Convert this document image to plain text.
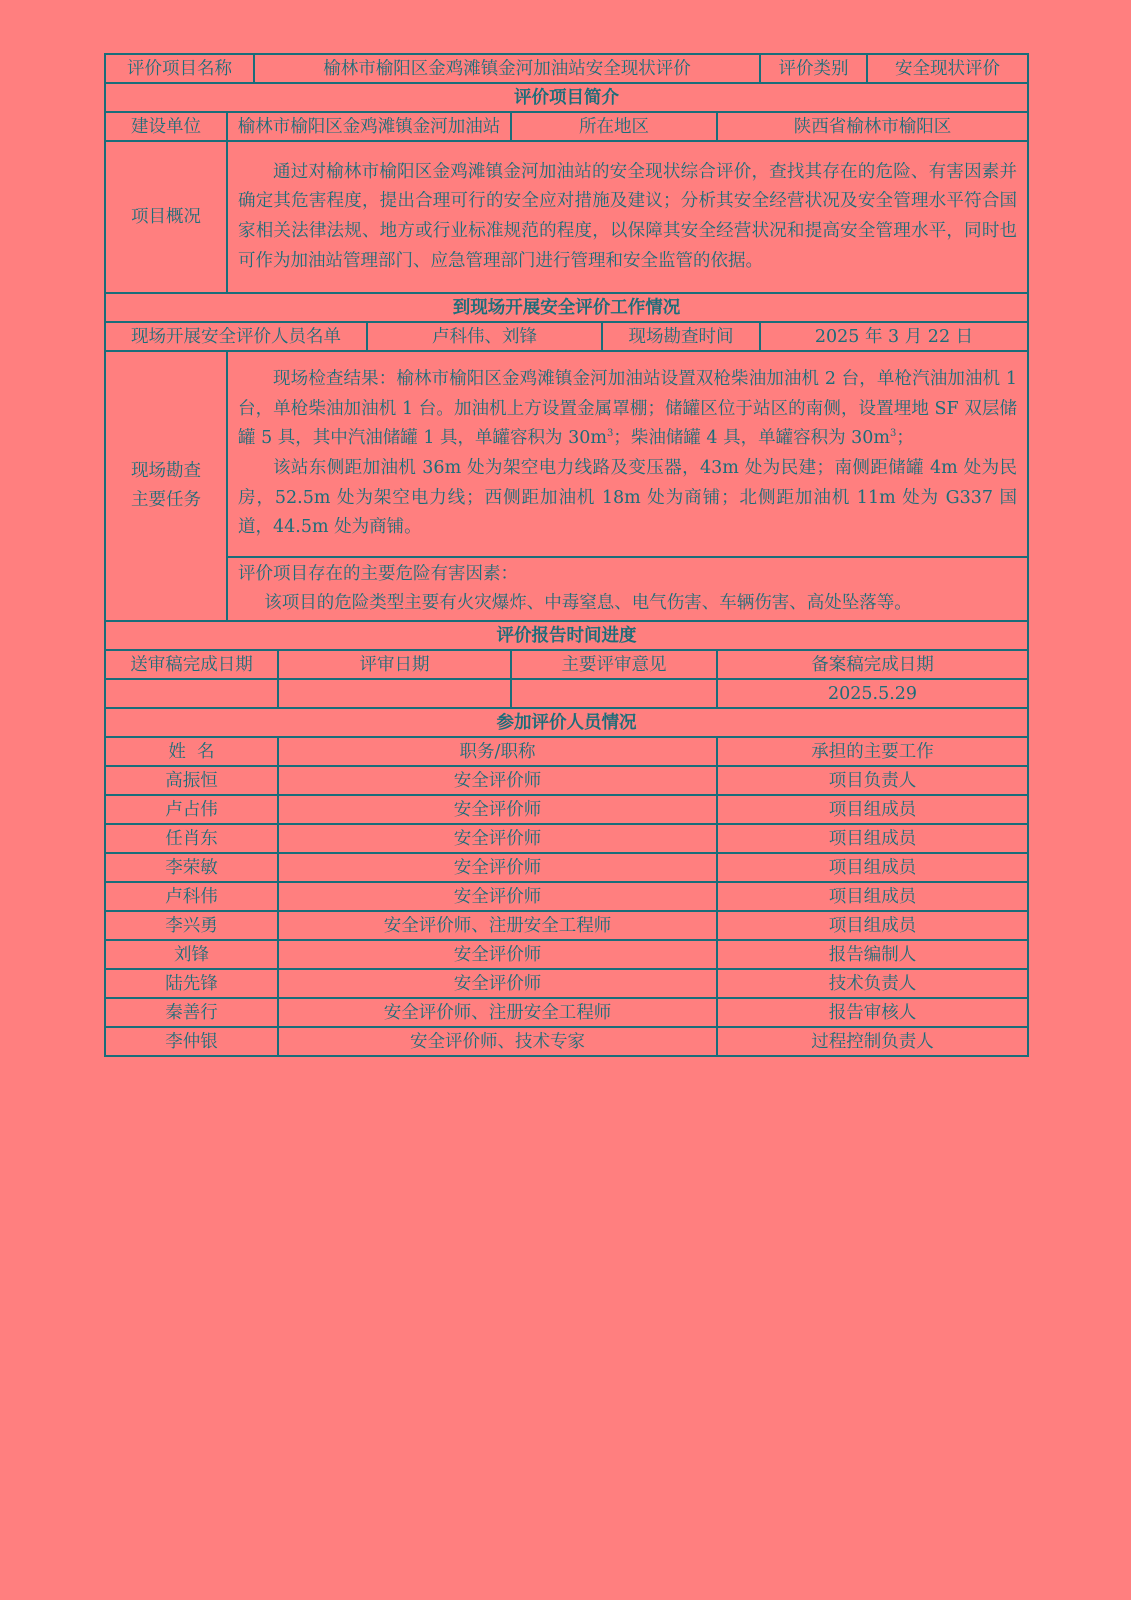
评价项目名称		榆林市榆阳区金鸡滩镇金河加油站安全现状评价						评价类别	安全现状评价
评价项目简介									
建设单位	榆林市榆阳区金鸡滩镇金河加油站				所在地区		陕西省榆林市榆阳区		
项目概况	通过对榆林市榆阳区金鸡滩镇金河加油站的安全现状综合评价，查找其存在的危险、有害因素并确定其危害程度，提出合理可行的安全应对措施及建议；分析其安全经营状况及安全管理水平符合国家相关法律法规、地方或行业标准规范的程度，以保障其安全经营状况和提高安全管理水平，同时也可作为加油站管理部门、应急管理部门进行管理和安全监管的依据。								

到现场开展安全评价工作情况									
现场开展安全评价人员名单				卢科伟、刘锋		现场勘查时间		2025 年 3 月 22 日	
现场勘查主要任务	现场检查结果：榆林市榆阳区金鸡滩镇金河加油站设置双枪柴油加油机 2 台，单枪汽油加油机 1 台，单枪柴油加油机 1 台。加油机上方设置金属罩棚；储罐区位于站区的南侧，设置埋地 SF 双层储罐 5 具，其中汽油储罐 1 具，单罐容积为 $30m^3$；柴油储罐 4 具，单罐容积为 $30m^3$；

该站东侧距加油机 36m 处为架空电力线路及变压器，43m 处为民建；南侧距储罐 4m 处为民房，52.5m 处为架空电力线；西侧距加油机 18m 处为商铺；北侧距加油机 11m 处为 G337 国道，44.5m 处为商铺。								

	评价项目存在的主要危险有害因素：

该项目的危险类型主要有火灾爆炸、中毒窒息、电气伤害、车辆伤害、高处坠落等。								

评价报告时间进度									
送审稿完成日期			评审日期		主要评审意见		备案稿完成日期		
							2025.5.29		
参加评价人员情况									
姓  名			职务/职称				承担的主要工作		
高振恒			安全评价师				项目负责人		
卢占伟			安全评价师				项目组成员		
任肖东			安全评价师				项目组成员		
李荣敏			安全评价师				项目组成员		
卢科伟			安全评价师				项目组成员		
李兴勇			安全评价师、注册安全工程师				项目组成员		
刘锋			安全评价师				报告编制人		
陆先锋			安全评价师				技术负责人		
秦善行			安全评价师、注册安全工程师				报告审核人		
李仲银			安全评价师、技术专家				过程控制负责人		
